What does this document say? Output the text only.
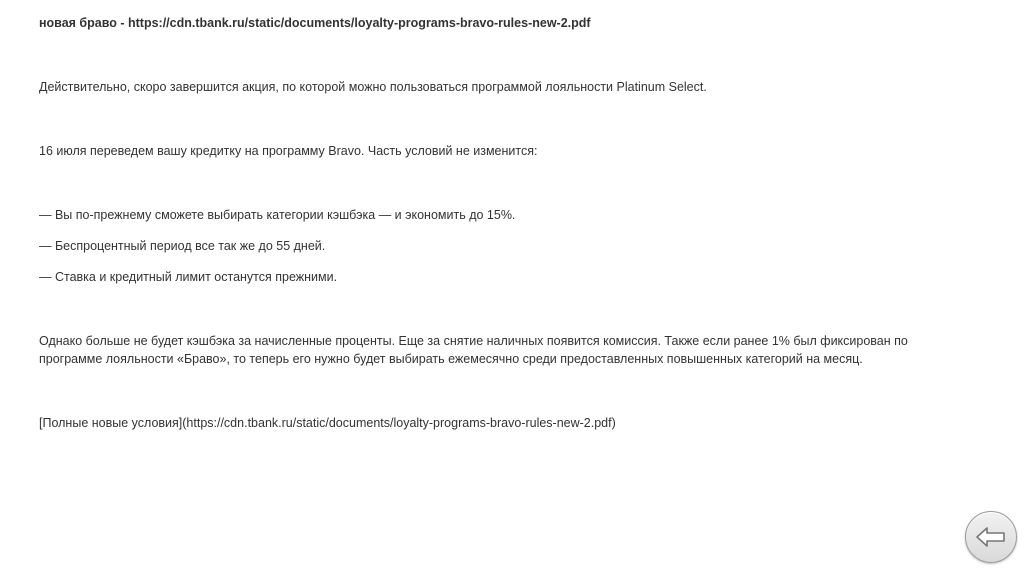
новая браво - https://cdn.tbank.ru/static/documents/loyalty-programs-bravo-rules-new-2.pdf

Действительно, скоро завершится акция, по которой можно пользоваться программой лояльности Platinum Select.

16 июля переведем вашу кредитку на программу Bravo. Часть условий не изменится:

— Вы по-прежнему сможете выбирать категории кэшбэка — и экономить до 15%.

— Беспроцентный период все так же до 55 дней.

— Ставка и кредитный лимит останутся прежними.

Однако больше не будет кэшбэка за начисленные проценты. Еще за снятие наличных появится комиссия. Также если ранее 1% был фиксирован по программе лояльности «Браво», то теперь его нужно будет выбирать ежемесячно среди предоставленных повышенных категорий на месяц.

[Полные новые условия](https://cdn.tbank.ru/static/documents/loyalty-programs-bravo-rules-new-2.pdf)
